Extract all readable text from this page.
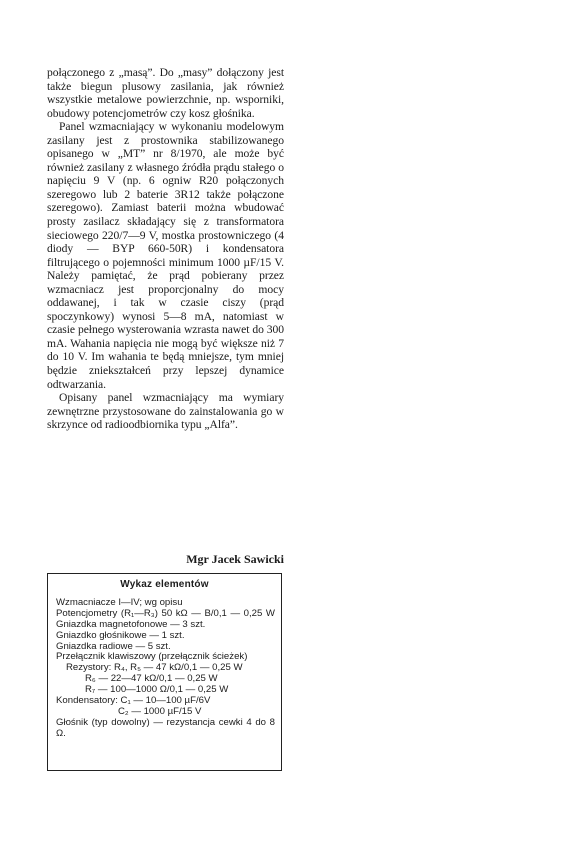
połączonego z „masą”. Do „masy” dołączony jest także biegun plusowy zasilania, jak również wszystkie metalowe powierzchnie, np. wsporniki, obudowy potencjometrów czy kosz głośnika.

Panel wzmacniający w wykonaniu modelowym zasilany jest z prostownika stabilizowanego opisanego w „MT” nr 8/1970, ale może być również zasilany z własnego źródła prądu stałego o napięciu 9 V (np. 6 ogniw R20 połączonych szeregowo lub 2 baterie 3R12 także połączone szeregowo). Zamiast baterii można wbudować prosty zasilacz składający się z transformatora sieciowego 220/7—9 V, mostka prostowniczego (4 diody — BYP 660-50R) i kondensatora filtrującego o pojemności minimum 1000 µF/15 V. Należy pamiętać, że prąd pobierany przez wzmacniacz jest proporcjonalny do mocy oddawanej, i tak w czasie ciszy (prąd spoczynkowy) wynosi 5—8 mA, natomiast w czasie pełnego wysterowania wzrasta nawet do 300 mA. Wahania napięcia nie mogą być większe niż 7 do 10 V. Im wahania te będą mniejsze, tym mniej będzie zniekształceń przy lepszej dynamice odtwarzania.

Opisany panel wzmacniający ma wymiary zewnętrzne przystosowane do zainstalowania go w skrzynce od radioodbiornika typu „Alfa”.

Mgr Jacek Sawicki
Wykaz elementów
Wzmacniacze I—IV; wg opisu
Potencjometry (R₁—R₃) 50 kΩ — B/0,1 — 0,25 W
Gniazdka magnetofonowe — 3 szt.
Gniazdko głośnikowe — 1 szt.
Gniazdka radiowe — 5 szt.
Przełącznik klawiszowy (przełącznik ścieżek)
Rezystory: R₄, R₅ — 47 kΩ/0,1 — 0,25 W
R₆ — 22—47 kΩ/0,1 — 0,25 W
R₇ — 100—1000 Ω/0,1 — 0,25 W
Kondensatory: C₁ — 10—100 µF/6V
C₂ — 1000 µF/15 V
Głośnik (typ dowolny) — rezystancja cewki 4 do 8 Ω.
